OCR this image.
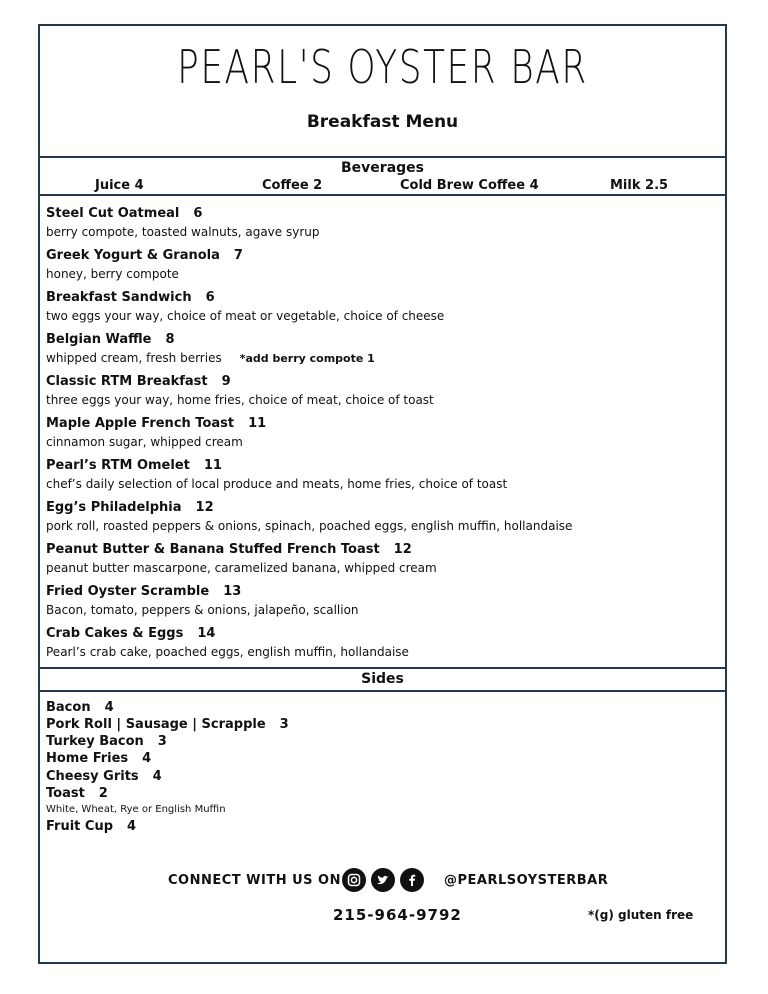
PEARL'S OYSTER BAR
Breakfast Menu
Beverages
Juice 4	Coffee 2	Cold Brew Coffee 4	Milk 2.5
Steel Cut Oatmeal 6
berry compote, toasted walnuts, agave syrup
Greek Yogurt & Granola 7
honey, berry compote
Breakfast Sandwich 6
two eggs your way, choice of meat or vegetable, choice of cheese
Belgian Waffle 8
whipped cream, fresh berries *add berry compote 1
Classic RTM Breakfast 9
three eggs your way, home fries, choice of meat, choice of toast
Maple Apple French Toast 11
cinnamon sugar, whipped cream
Pearl’s RTM Omelet 11
chef’s daily selection of local produce and meats, home fries, choice of toast
Egg’s Philadelphia 12
pork roll, roasted peppers & onions, spinach, poached eggs, english muffin, hollandaise
Peanut Butter & Banana Stuffed French Toast 12
peanut butter mascarpone, caramelized banana, whipped cream
Fried Oyster Scramble 13
Bacon, tomato, peppers & onions, jalapeño, scallion
Crab Cakes & Eggs 14
Pearl’s crab cake, poached eggs, english muffin, hollandaise
Sides
Bacon 4
Pork Roll | Sausage | Scrapple 3
Turkey Bacon 3
Home Fries 4
Cheesy Grits 4
Toast 2
White, Wheat, Rye or English Muffin
Fruit Cup 4
CONNECT WITH US ON	@PEARLSOYSTERBAR
215-964-9792	*(g) gluten free
